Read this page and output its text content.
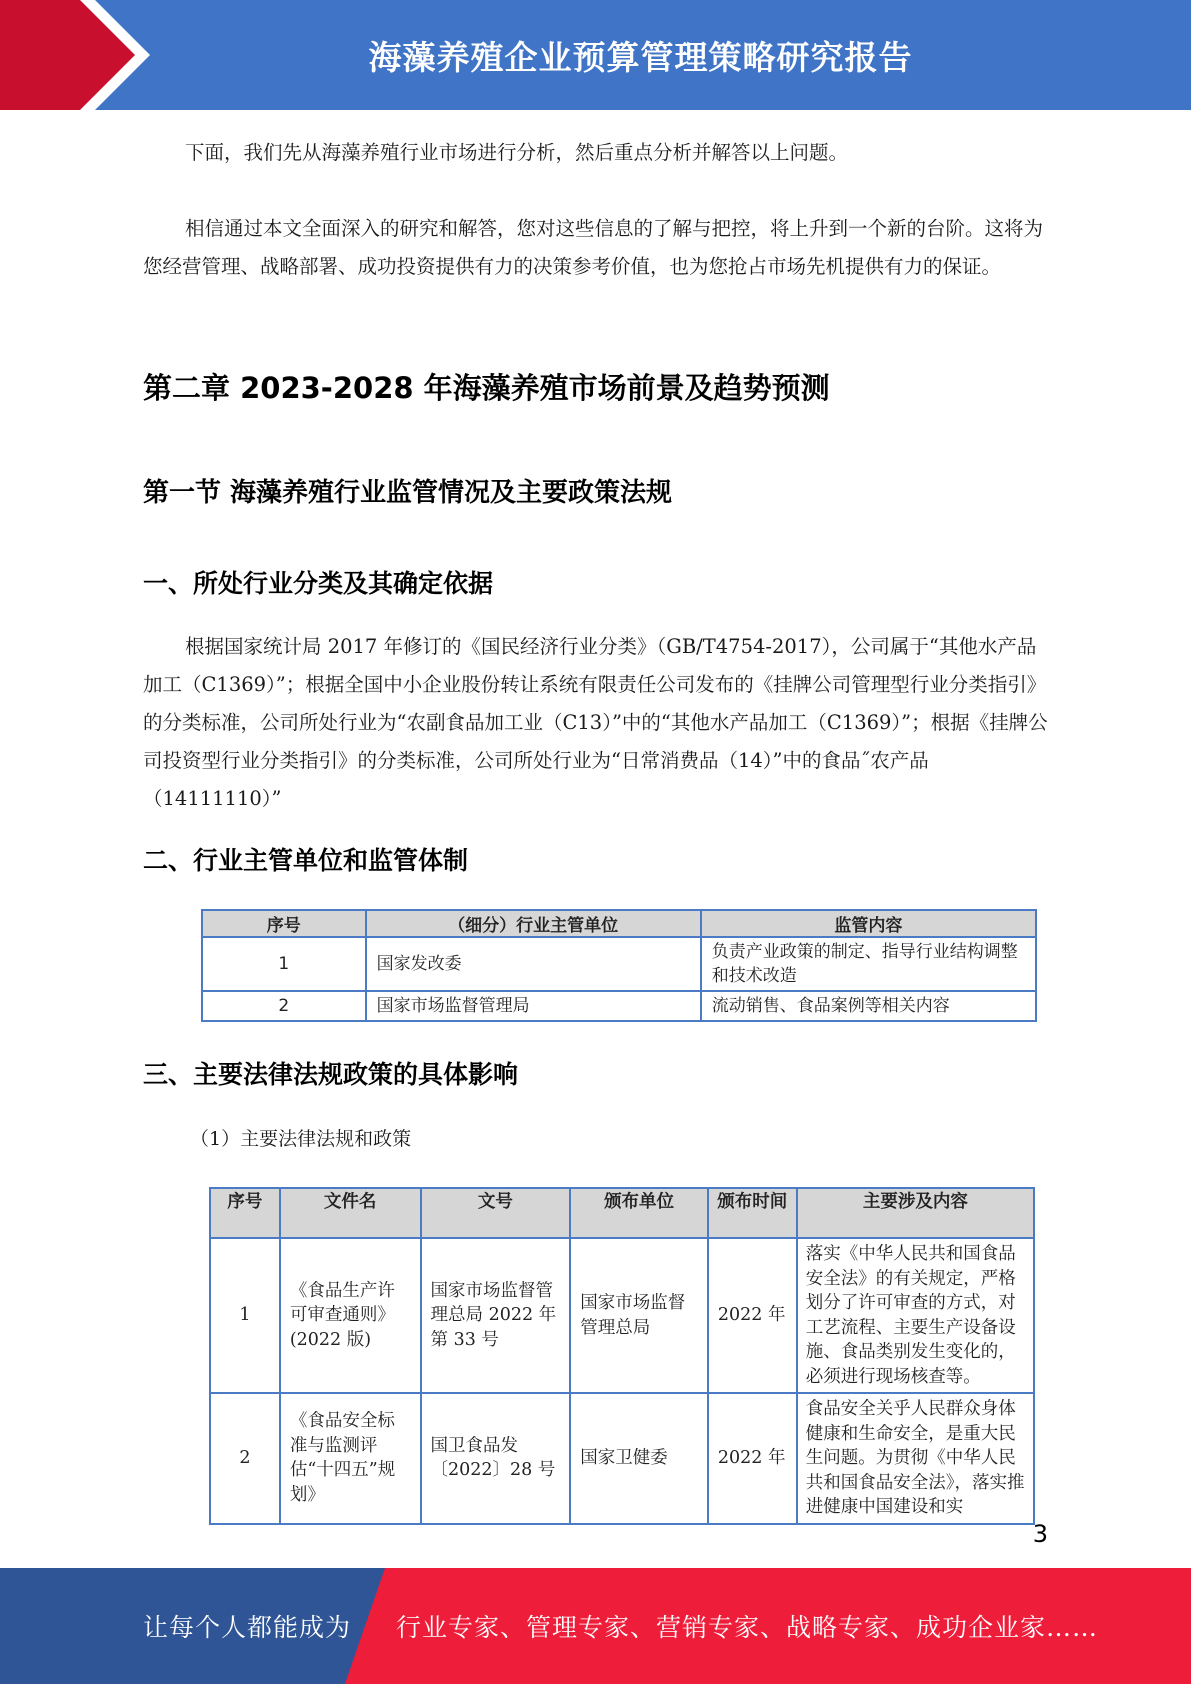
海藻养殖企业预算管理策略研究报告

下面，我们先从海藻养殖行业市场进行分析，然后重点分析并解答以上问题。

相信通过本文全面深入的研究和解答，您对这些信息的了解与把控，将上升到一个新的台阶。这将为您经营管理、战略部署、成功投资提供有力的决策参考价值，也为您抢占市场先机提供有力的保证。

第二章 2023-2028 年海藻养殖市场前景及趋势预测
第一节 海藻养殖行业监管情况及主要政策法规
一、所处行业分类及其确定依据

根据国家统计局 2017 年修订的《国民经济行业分类》（GB/T4754-2017），公司属于“其他水产品加工（C1369）”；根据全国中小企业股份转让系统有限责任公司发布的《挂牌公司管理型行业分类指引》的分类标准，公司所处行业为“农副食品加工业（C13）”中的“其他水产品加工（C1369）”；根据《挂牌公司投资型行业分类指引》的分类标准，公司所处行业为“日常消费品（14）”中的食品˝农产品（14111110）”

二、行业主管单位和监管体制
序号	（细分）行业主管单位	监管内容
1	国家发改委	负责产业政策的制定、指导行业结构调整和技术改造
2	国家市场监督管理局	流动销售、食品案例等相关内容
三、主要法律法规政策的具体影响

（1）主要法律法规和政策

序号	文件名	文号	颁布单位	颁布时间	主要涉及内容
1	《食品生产许可审查通则》(2022 版)	国家市场监督管理总局 2022 年第 33 号	国家市场监督管理总局	2022 年	落实《中华人民共和国食品安全法》的有关规定，严格划分了许可审查的方式，对工艺流程、主要生产设备设施、食品类别发生变化的，必须进行现场核查等。
2	《食品安全标准与监测评估“十四五”规划》	国卫食品发〔2022〕28 号	国家卫健委	2022 年	食品安全关乎人民群众身体健康和生命安全，是重大民生问题。为贯彻《中华人民共和国食品安全法》，落实推进健康中国建设和实
3
让每个人都能成为 行业专家、管理专家、营销专家、战略专家、成功企业家……
